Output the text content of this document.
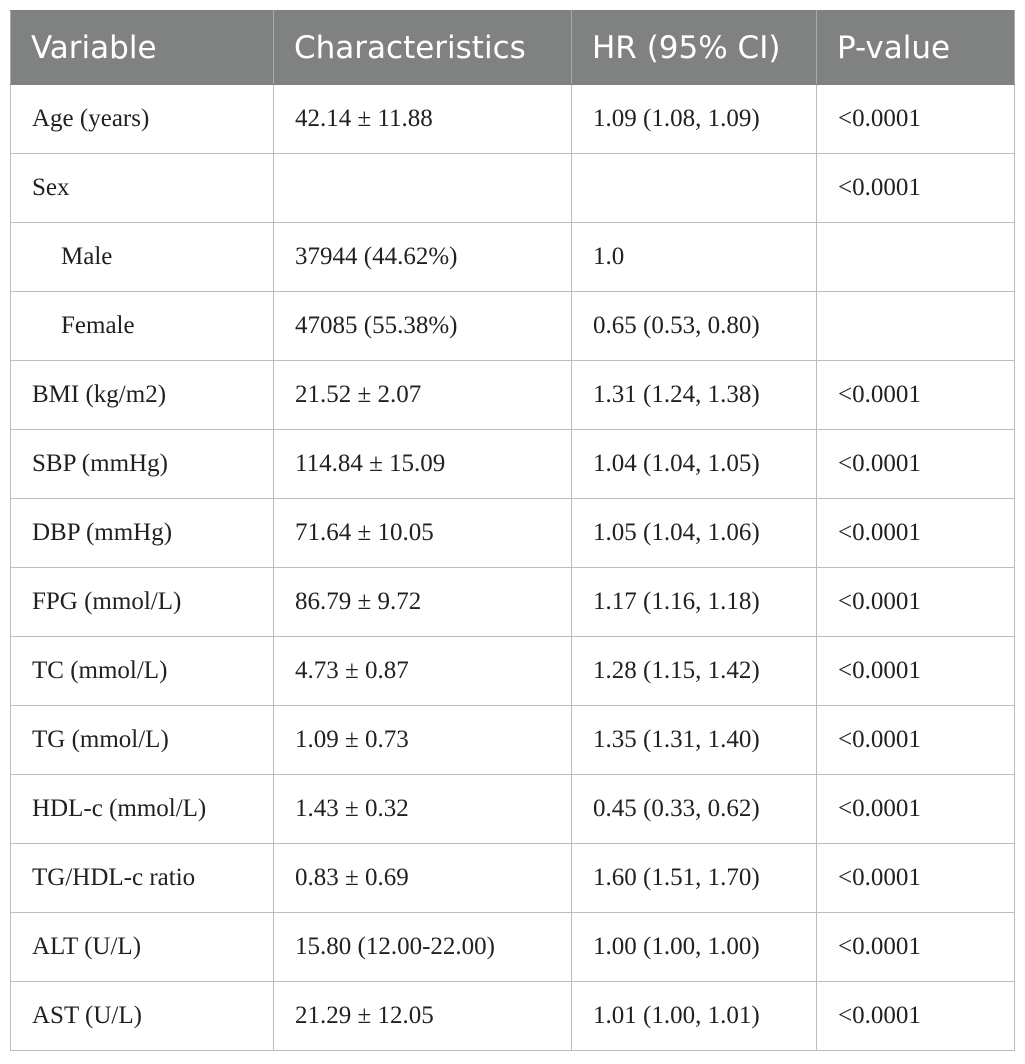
Variable	Characteristics	HR (95% CI)	P-value
Age (years)	42.14 ± 11.88	1.09 (1.08, 1.09)	<0.0001
Sex			<0.0001
Male	37944 (44.62%)	1.0	
Female	47085 (55.38%)	0.65 (0.53, 0.80)	
BMI (kg/m2)	21.52 ± 2.07	1.31 (1.24, 1.38)	<0.0001
SBP (mmHg)	114.84 ± 15.09	1.04 (1.04, 1.05)	<0.0001
DBP (mmHg)	71.64 ± 10.05	1.05 (1.04, 1.06)	<0.0001
FPG (mmol/L)	86.79 ± 9.72	1.17 (1.16, 1.18)	<0.0001
TC (mmol/L)	4.73 ± 0.87	1.28 (1.15, 1.42)	<0.0001
TG (mmol/L)	1.09 ± 0.73	1.35 (1.31, 1.40)	<0.0001
HDL-c (mmol/L)	1.43 ± 0.32	0.45 (0.33, 0.62)	<0.0001
TG/HDL-c ratio	0.83 ± 0.69	1.60 (1.51, 1.70)	<0.0001
ALT (U/L)	15.80 (12.00-22.00)	1.00 (1.00, 1.00)	<0.0001
AST (U/L)	21.29 ± 12.05	1.01 (1.00, 1.01)	<0.0001
